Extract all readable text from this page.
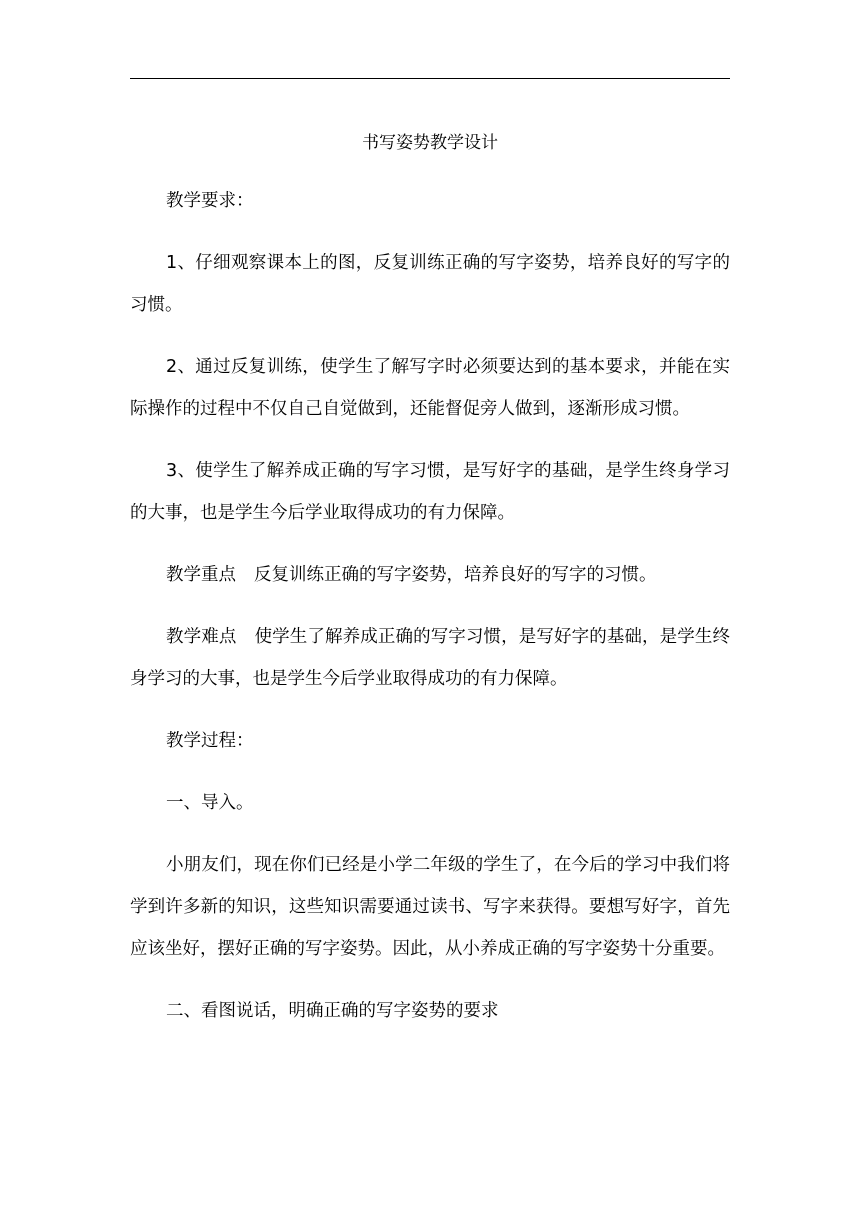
书写姿势教学设计

教学要求：

1、仔细观察课本上的图，反复训练正确的写字姿势，培养良好的写字的习惯。

2、通过反复训练，使学生了解写字时必须要达到的基本要求，并能在实际操作的过程中不仅自己自觉做到，还能督促旁人做到，逐渐形成习惯。

3、使学生了解养成正确的写字习惯，是写好字的基础，是学生终身学习的大事，也是学生今后学业取得成功的有力保障。

教学重点 反复训练正确的写字姿势，培养良好的写字的习惯。

教学难点 使学生了解养成正确的写字习惯，是写好字的基础，是学生终身学习的大事，也是学生今后学业取得成功的有力保障。

教学过程：

一、导入。

小朋友们，现在你们已经是小学二年级的学生了，在今后的学习中我们将学到许多新的知识，这些知识需要通过读书、写字来获得。要想写好字，首先应该坐好，摆好正确的写字姿势。因此，从小养成正确的写字姿势十分重要。

二、看图说话，明确正确的写字姿势的要求
